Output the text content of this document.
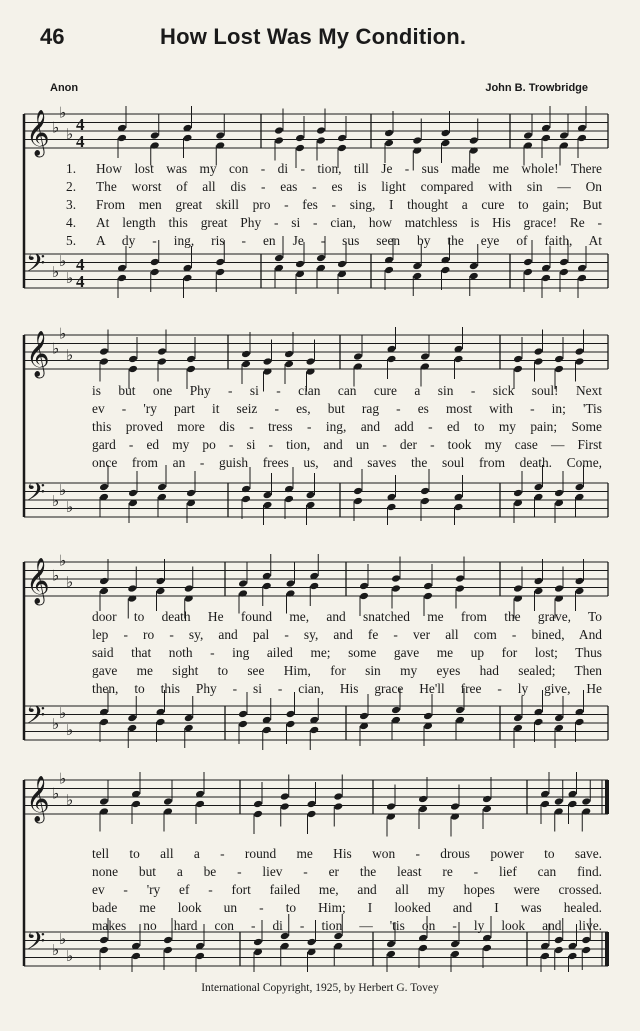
46	How Lost Was My Condition.
Anon	John B. Trowbridge
𝄞 ♭
♭
♭
4
4
𝄢 ♭
♭
♭
4
4
1.	How lost was my con - di - tion, till Je - sus made me whole! There
2.	The worst of all dis - eas - es is light compared with sin — On
3.	From men great skill pro - fes - sing, I thought a cure to gain; But
4.	At length this great Phy - si - cian, how matchless is His grace! Re -
5.	A dy - ing, ris - en Je - sus seen by the eye of faith, At
𝄞 ♭
♭
♭
𝄢 ♭
♭
♭
is but one Phy - si - cian can cure a sin - sick soul! Next
ev - 'ry part it seiz - es, but rag - es most with - in; 'Tis
this proved more dis - tress - ing, and add - ed to my pain; Some
gard - ed my po - si - tion, and un - der - took my case — First
once from an - guish frees us, and saves the soul from death. Come,
𝄞 ♭
♭
♭
𝄢 ♭
♭
♭
door to death He found me, and snatched me from the grave, To
lep - ro - sy, and pal - sy, and fe - ver all com - bined, And
said that noth - ing ailed me; some gave me up for lost; Thus
gave me sight to see Him, for sin my eyes had sealed; Then
then, to this Phy - si - cian, His grace He'll free - ly give, He
𝄞 ♭
♭
♭
𝄢 ♭
♭
♭
tell to all a - round me His won - drous power to save.
none but a be - liev - er the least re - lief can find.
ev - 'ry ef - fort failed me, and all my hopes were crossed.
bade me look un - to Him; I looked and I was healed.
makes no hard con - di - tion — 'tis on - ly look and live.
International Copyright, 1925, by Herbert G. Tovey
